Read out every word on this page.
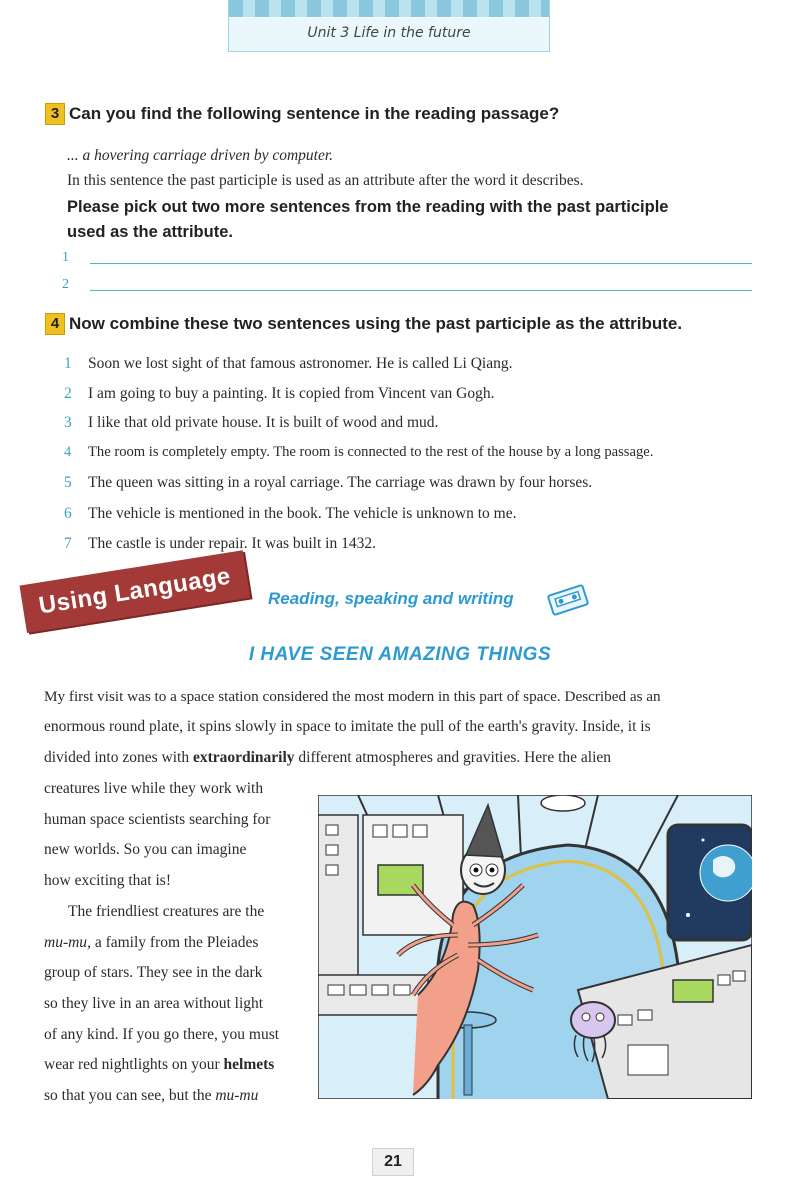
Unit 3 Life in the future
3 Can you find the following sentence in the reading passage?
... a hovering carriage driven by computer.
In this sentence the past participle is used as an attribute after the word it describes.
Please pick out two more sentences from the reading with the past participle
used as the attribute.
1
2
4 Now combine these two sentences using the past participle as the attribute.
1 Soon we lost sight of that famous astronomer. He is called Li Qiang.
2 I am going to buy a painting. It is copied from Vincent van Gogh.
3 I like that old private house. It is built of wood and mud.
4 The room is completely empty. The room is connected to the rest of the house by a long passage.
5 The queen was sitting in a royal carriage. The carriage was drawn by four horses.
6 The vehicle is mentioned in the book. The vehicle is unknown to me.
7 The castle is under repair. It was built in 1432.
Using Language	Reading, speaking and writing
I HAVE SEEN AMAZING THINGS
My first visit was to a space station considered the most modern in this part of space. Described as an
enormous round plate, it spins slowly in space to imitate the pull of the earth's gravity. Inside, it is
divided into zones with extraordinarily different atmospheres and gravities. Here the alien
creatures live while they work with
human space scientists searching for
new worlds. So you can imagine
how exciting that is!
The friendliest creatures are the
mu-mu, a family from the Pleiades
group of stars. They see in the dark
so they live in an area without light
of any kind. If you go there, you must
wear red nightlights on your helmets
so that you can see, but the mu-mu
21
